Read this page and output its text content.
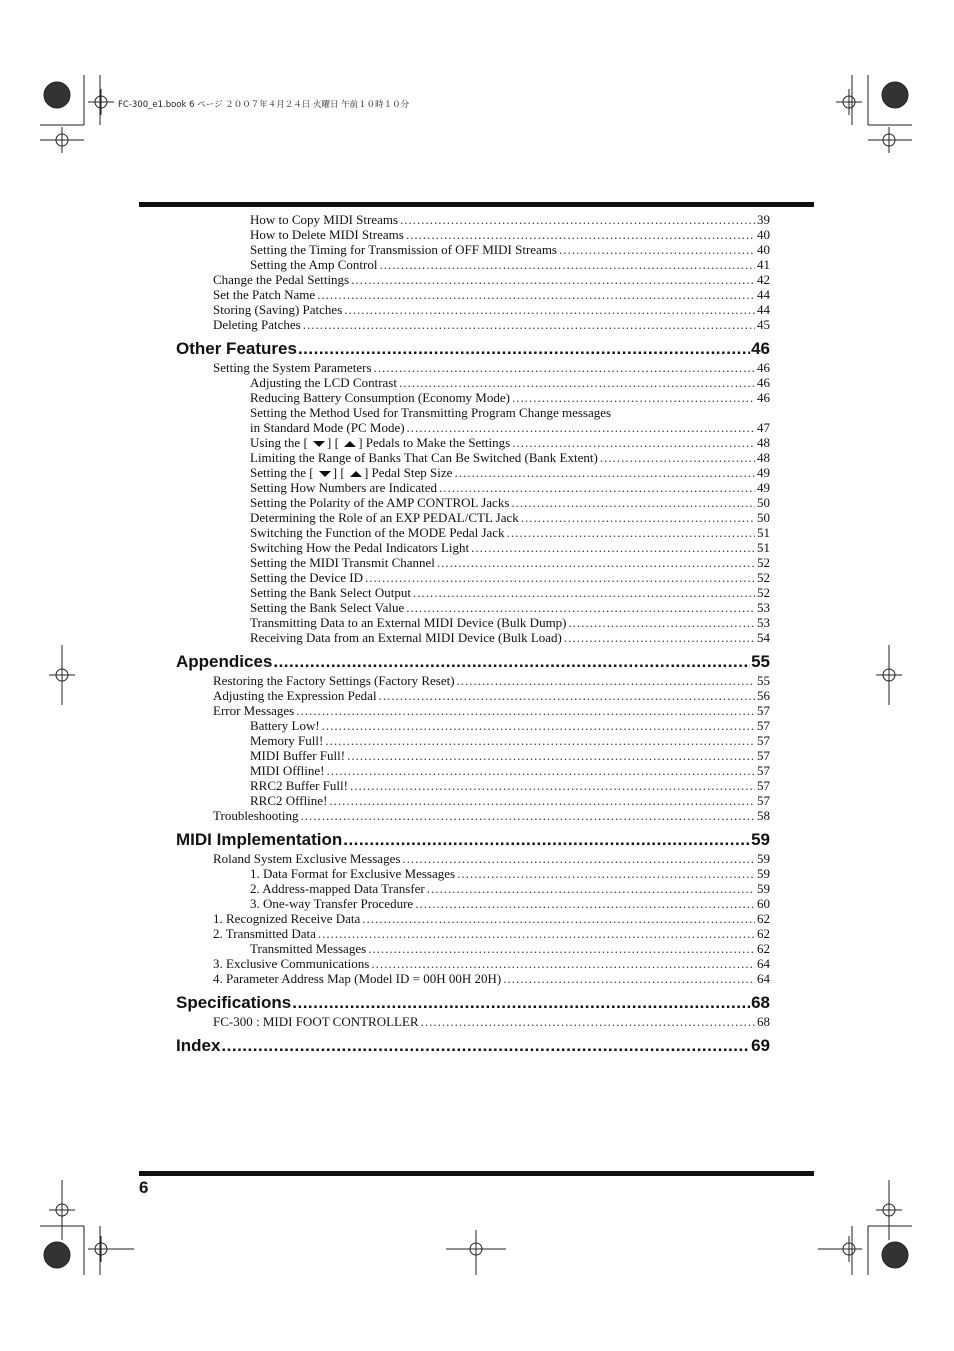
FC-300_e1.book 6 ページ ２００７年４月２４日 火曜日 午前１０時１０分
How to Copy MIDI Streams .....	39
How to Delete MIDI Streams .....	40
Setting the Timing for Transmission of OFF MIDI Streams .....	40
Setting the Amp Control .....	41
Change the Pedal Settings .....	42
Set the Patch Name .....	44
Storing (Saving) Patches .....	44
Deleting Patches .....	45
Other Features .....	46
Setting the System Parameters .....	46
Adjusting the LCD Contrast .....	46
Reducing Battery Consumption (Economy Mode) .....	46
Setting the Method Used for Transmitting Program Change messages
in Standard Mode (PC Mode) .....	47
Using the [ ] [ ] Pedals to Make the Settings .....	48
Limiting the Range of Banks That Can Be Switched (Bank Extent) .....	48
Setting the [ ] [ ] Pedal Step Size .....	49
Setting How Numbers are Indicated .....	49
Setting the Polarity of the AMP CONTROL Jacks .....	50
Determining the Role of an EXP PEDAL/CTL Jack .....	50
Switching the Function of the MODE Pedal Jack .....	51
Switching How the Pedal Indicators Light .....	51
Setting the MIDI Transmit Channel .....	52
Setting the Device ID .....	52
Setting the Bank Select Output .....	52
Setting the Bank Select Value .....	53
Transmitting Data to an External MIDI Device (Bulk Dump) .....	53
Receiving Data from an External MIDI Device (Bulk Load) .....	54
Appendices .....	55
Restoring the Factory Settings (Factory Reset) .....	55
Adjusting the Expression Pedal .....	56
Error Messages .....	57
Battery Low! .....	57
Memory Full! .....	57
MIDI Buffer Full! .....	57
MIDI Offline! .....	57
RRC2 Buffer Full! .....	57
RRC2 Offline! .....	57
Troubleshooting .....	58
MIDI Implementation .....	59
Roland System Exclusive Messages .....	59
1. Data Format for Exclusive Messages .....	59
2. Address-mapped Data Transfer .....	59
3. One-way Transfer Procedure .....	60
1. Recognized Receive Data .....	62
2. Transmitted Data .....	62
Transmitted Messages .....	62
3. Exclusive Communications .....	64
4. Parameter Address Map (Model ID = 00H 00H 20H) .....	64
Specifications .....	68
FC-300 : MIDI FOOT CONTROLLER .....	68
Index .....	69
6
